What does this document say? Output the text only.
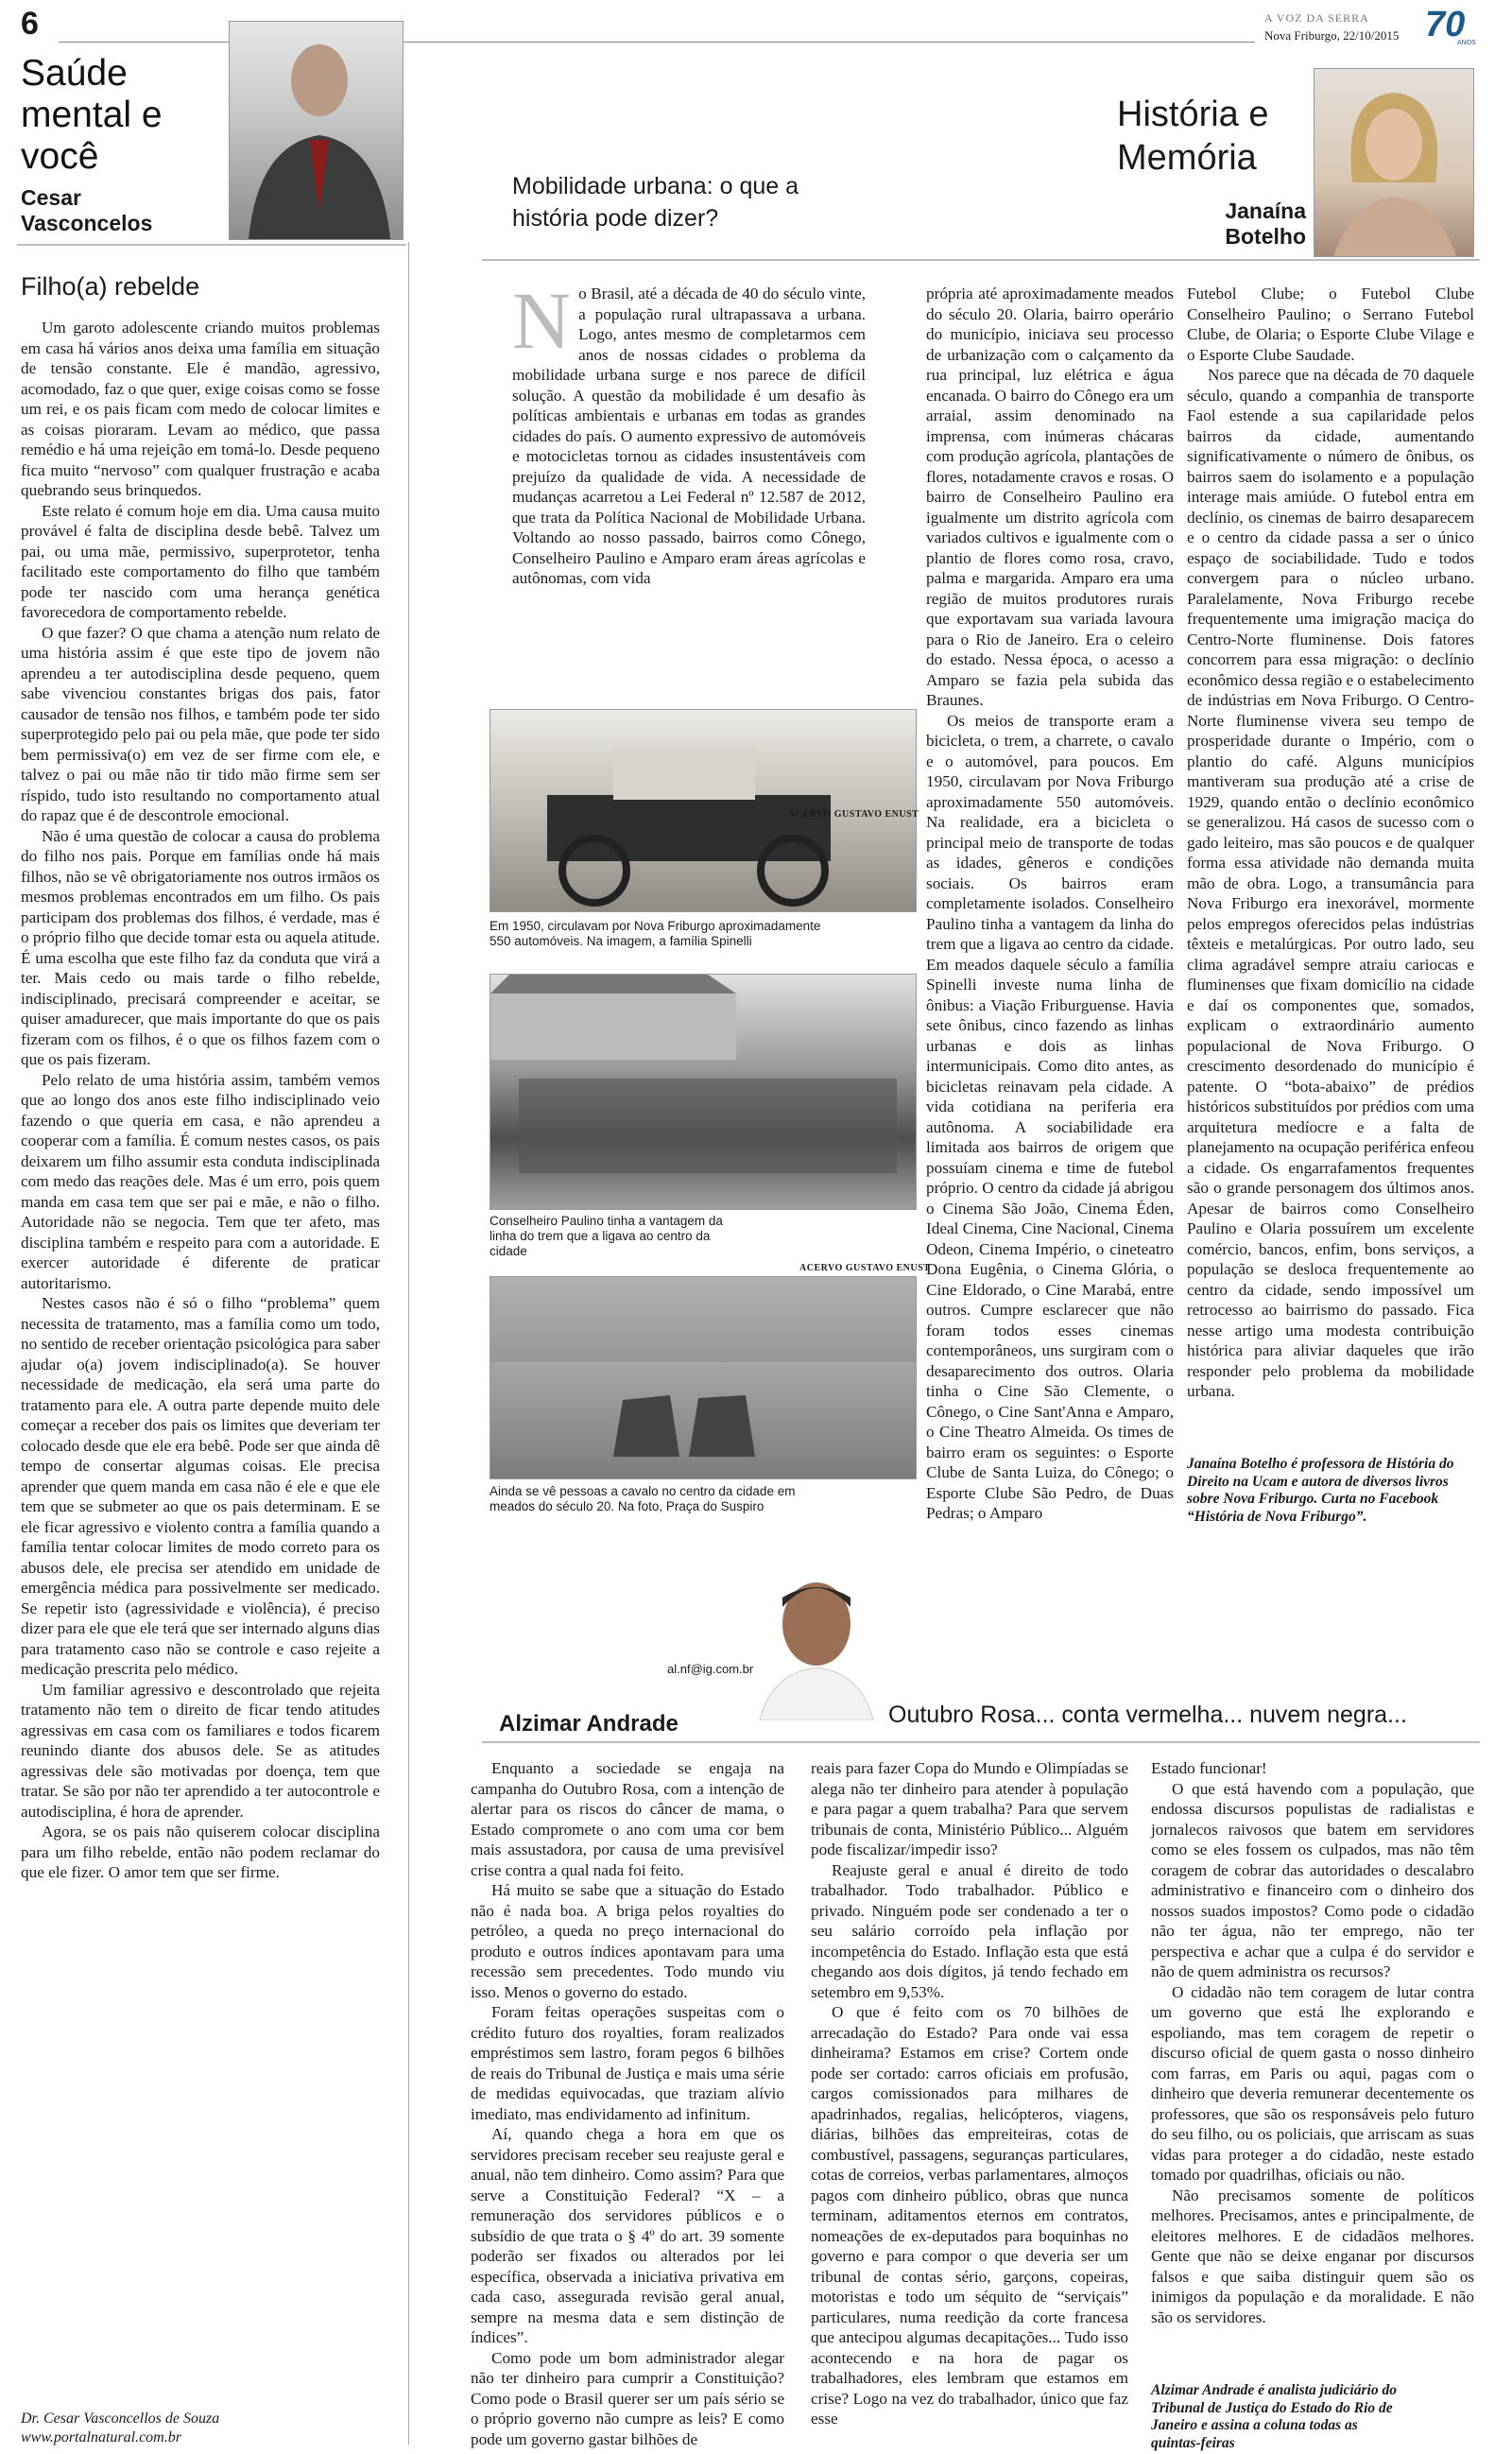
6	A VOZ DA SERRA
Nova Friburgo, 22/10/2015 70
ANOS
Saúde mental e você
Cesar Vasconcelos
Filho(a) rebelde

Um garoto adolescente criando muitos problemas em casa há vários anos deixa uma família em situação de tensão constante. Ele é mandão, agressivo, acomodado, faz o que quer, exige coisas como se fosse um rei, e os pais ficam com medo de colocar limites e as coisas pioraram. Levam ao médico, que passa remédio e há uma rejeição em tomá-lo. Desde pequeno fica muito “nervoso” com qualquer frustração e acaba quebrando seus brinquedos.

Este relato é comum hoje em dia. Uma causa muito provável é falta de disciplina desde bebê. Talvez um pai, ou uma mãe, permissivo, superprotetor, tenha facilitado este comportamento do filho que também pode ter nascido com uma herança genética favorecedora de comportamento rebelde.

O que fazer? O que chama a atenção num relato de uma história assim é que este tipo de jovem não aprendeu a ter autodisciplina desde pequeno, quem sabe vivenciou constantes brigas dos pais, fator causador de tensão nos filhos, e também pode ter sido superprotegido pelo pai ou pela mãe, que pode ter sido bem permissiva(o) em vez de ser firme com ele, e talvez o pai ou mãe não tir tido mão firme sem ser ríspido, tudo isto resultando no comportamento atual do rapaz que é de descontrole emocional.

Não é uma questão de colocar a causa do problema do filho nos pais. Porque em famílias onde há mais filhos, não se vê obrigatoriamente nos outros irmãos os mesmos problemas encontrados em um filho. Os pais participam dos problemas dos filhos, é verdade, mas é o próprio filho que decide tomar esta ou aquela atitude. É uma escolha que este filho faz da conduta que virá a ter. Mais cedo ou mais tarde o filho rebelde, indisciplinado, precisará compreender e aceitar, se quiser amadurecer, que mais importante do que os pais fizeram com os filhos, é o que os filhos fazem com o que os pais fizeram.

Pelo relato de uma história assim, também vemos que ao longo dos anos este filho indisciplinado veio fazendo o que queria em casa, e não aprendeu a cooperar com a família. É comum nestes casos, os pais deixarem um filho assumir esta conduta indisciplinada com medo das reações dele. Mas é um erro, pois quem manda em casa tem que ser pai e mãe, e não o filho. Autoridade não se negocia. Tem que ter afeto, mas disciplina também e respeito para com a autoridade. E exercer autoridade é diferente de praticar autoritarismo.

Nestes casos não é só o filho “problema” quem necessita de tratamento, mas a família como um todo, no sentido de receber orientação psicológica para saber ajudar o(a) jovem indisciplinado(a). Se houver necessidade de medicação, ela será uma parte do tratamento para ele. A outra parte depende muito dele começar a receber dos pais os limites que deveriam ter colocado desde que ele era bebê. Pode ser que ainda dê tempo de consertar algumas coisas. Ele precisa aprender que quem manda em casa não é ele e que ele tem que se submeter ao que os pais determinam. E se ele ficar agressivo e violento contra a família quando a família tentar colocar limites de modo correto para os abusos dele, ele precisa ser atendido em unidade de emergência médica para possivelmente ser medicado. Se repetir isto (agressividade e violência), é preciso dizer para ele que ele terá que ser internado alguns dias para tratamento caso não se controle e caso rejeite a medicação prescrita pelo médico.

Um familiar agressivo e descontrolado que rejeita tratamento não tem o direito de ficar tendo atitudes agressivas em casa com os familiares e todos ficarem reunindo diante dos abusos dele. Se as atitudes agressivas dele são motivadas por doença, tem que tratar. Se são por não ter aprendido a ter autocontrole e autodisciplina, é hora de aprender.

Agora, se os pais não quiserem colocar disciplina para um filho rebelde, então não podem reclamar do que ele fizer. O amor tem que ser firme.

Dr. Cesar Vasconcellos de Souza
www.portalnatural.com.br
História e Memória
Janaína Botelho
Mobilidade urbana: o que a história pode dizer?

No Brasil, até a década de 40 do século vinte, a população rural ultrapassava a urbana. Logo, antes mesmo de completarmos cem anos de nossas cidades o problema da mobilidade urbana surge e nos parece de difícil solução. A questão da mobilidade é um desafio às políticas ambientais e urbanas em todas as grandes cidades do país. O aumento expressivo de automóveis e motocicletas tornou as cidades insustentáveis com prejuízo da qualidade de vida. A necessidade de mudanças acarretou a Lei Federal nº 12.587 de 2012, que trata da Política Nacional de Mobilidade Urbana. Voltando ao nosso passado, bairros como Cônego, Conselheiro Paulino e Amparo eram áreas agrícolas e autônomas, com vida

ACERVO GUSTAVO ENUST
Em 1950, circulavam por Nova Friburgo aproximadamente 550 automóveis. Na imagem, a família Spinelli
Conselheiro Paulino tinha a vantagem da linha do trem que a ligava ao centro da cidade
ACERVO GUSTAVO ENUST
Ainda se vê pessoas a cavalo no centro da cidade em meados do século 20. Na foto, Praça do Suspiro

própria até aproximadamente meados do século 20. Olaria, bairro operário do município, iniciava seu processo de urbanização com o calçamento da rua principal, luz elétrica e água encanada. O bairro do Cônego era um arraial, assim denominado na imprensa, com inúmeras chácaras com produção agrícola, plantações de flores, notadamente cravos e rosas. O bairro de Conselheiro Paulino era igualmente um distrito agrícola com variados cultivos e igualmente com o plantio de flores como rosa, cravo, palma e margarida. Amparo era uma região de muitos produtores rurais que exportavam sua variada lavoura para o Rio de Janeiro. Era o celeiro do estado. Nessa época, o acesso a Amparo se fazia pela subida das Braunes.

Os meios de transporte eram a bicicleta, o trem, a charrete, o cavalo e o automóvel, para poucos. Em 1950, circulavam por Nova Friburgo aproximadamente 550 automóveis. Na realidade, era a bicicleta o principal meio de transporte de todas as idades, gêneros e condições sociais. Os bairros eram completamente isolados. Conselheiro Paulino tinha a vantagem da linha do trem que a ligava ao centro da cidade. Em meados daquele século a família Spinelli investe numa linha de ônibus: a Viação Friburguense. Havia sete ônibus, cinco fazendo as linhas urbanas e dois as linhas intermunicipais. Como dito antes, as bicicletas reinavam pela cidade. A vida cotidiana na periferia era autônoma. A sociabilidade era limitada aos bairros de origem que possuíam cinema e time de futebol próprio. O centro da cidade já abrigou o Cinema São João, Cinema Éden, Ideal Cinema, Cine Nacional, Cinema Odeon, Cinema Império, o cineteatro Dona Eugênia, o Cinema Glória, o Cine Eldorado, o Cine Marabá, entre outros. Cumpre esclarecer que não foram todos esses cinemas contemporâneos, uns surgiram com o desaparecimento dos outros. Olaria tinha o Cine São Clemente, o Cônego, o Cine Sant'Anna e Amparo, o Cine Theatro Almeida. Os times de bairro eram os seguintes: o Esporte Clube de Santa Luiza, do Cônego; o Esporte Clube São Pedro, de Duas Pedras; o Amparo

Futebol Clube; o Futebol Clube Conselheiro Paulino; o Serrano Futebol Clube, de Olaria; o Esporte Clube Vilage e o Esporte Clube Saudade.

Nos parece que na década de 70 daquele século, quando a companhia de transporte Faol estende a sua capilaridade pelos bairros da cidade, aumentando significativamente o número de ônibus, os bairros saem do isolamento e a população interage mais amiúde. O futebol entra em declínio, os cinemas de bairro desaparecem e o centro da cidade passa a ser o único espaço de sociabilidade. Tudo e todos convergem para o núcleo urbano. Paralelamente, Nova Friburgo recebe frequentemente uma imigração maciça do Centro-Norte fluminense. Dois fatores concorrem para essa migração: o declínio econômico dessa região e o estabelecimento de indústrias em Nova Friburgo. O Centro-Norte fluminense vivera seu tempo de prosperidade durante o Império, com o plantio do café. Alguns municípios mantiveram sua produção até a crise de 1929, quando então o declínio econômico se generalizou. Há casos de sucesso com o gado leiteiro, mas são poucos e de qualquer forma essa atividade não demanda muita mão de obra. Logo, a transumância para Nova Friburgo era inexorável, mormente pelos empregos oferecidos pelas indústrias têxteis e metalúrgicas. Por outro lado, seu clima agradável sempre atraiu cariocas e fluminenses que fixam domicílio na cidade e daí os componentes que, somados, explicam o extraordinário aumento populacional de Nova Friburgo. O crescimento desordenado do município é patente. O “bota-abaixo” de prédios históricos substituídos por prédios com uma arquitetura medíocre e a falta de planejamento na ocupação periférica enfeou a cidade. Os engarrafamentos frequentes são o grande personagem dos últimos anos. Apesar de bairros como Conselheiro Paulino e Olaria possuírem um excelente comércio, bancos, enfim, bons serviços, a população se desloca frequentemente ao centro da cidade, sendo impossível um retrocesso ao bairrismo do passado. Fica nesse artigo uma modesta contribuição histórica para aliviar daqueles que irão responder pelo problema da mobilidade urbana.

Janaína Botelho é professora de História do Direito na Ucam e autora de diversos livros sobre Nova Friburgo. Curta no Facebook “História de Nova Friburgo”.
al.nf@ig.com.br
Alzimar Andrade	Outubro Rosa... conta vermelha... nuvem negra...

Enquanto a sociedade se engaja na campanha do Outubro Rosa, com a intenção de alertar para os riscos do câncer de mama, o Estado compromete o ano com uma cor bem mais assustadora, por causa de uma previsível crise contra a qual nada foi feito.

Há muito se sabe que a situação do Estado não é nada boa. A briga pelos royalties do petróleo, a queda no preço internacional do produto e outros índices apontavam para uma recessão sem precedentes. Todo mundo viu isso. Menos o governo do estado.

Foram feitas operações suspeitas com o crédito futuro dos royalties, foram realizados empréstimos sem lastro, foram pegos 6 bilhões de reais do Tribunal de Justiça e mais uma série de medidas equivocadas, que traziam alívio imediato, mas endividamento ad infinitum.

Aí, quando chega a hora em que os servidores precisam receber seu reajuste geral e anual, não tem dinheiro. Como assim? Para que serve a Constituição Federal? “X – a remuneração dos servidores públicos e o subsídio de que trata o § 4º do art. 39 somente poderão ser fixados ou alterados por lei específica, observada a iniciativa privativa em cada caso, assegurada revisão geral anual, sempre na mesma data e sem distinção de índices”.

Como pode um bom administrador alegar não ter dinheiro para cumprir a Constituição? Como pode o Brasil querer ser um país sério se o próprio governo não cumpre as leis? E como pode um governo gastar bilhões de

reais para fazer Copa do Mundo e Olimpíadas se alega não ter dinheiro para atender à população e para pagar a quem trabalha? Para que servem tribunais de conta, Ministério Público... Alguém pode fiscalizar/impedir isso?

Reajuste geral e anual é direito de todo trabalhador. Todo trabalhador. Público e privado. Ninguém pode ser condenado a ter o seu salário corroído pela inflação por incompetência do Estado. Inflação esta que está chegando aos dois dígitos, já tendo fechado em setembro em 9,53%.

O que é feito com os 70 bilhões de arrecadação do Estado? Para onde vai essa dinheirama? Estamos em crise? Cortem onde pode ser cortado: carros oficiais em profusão, cargos comissionados para milhares de apadrinhados, regalias, helicópteros, viagens, diárias, bilhões das empreiteiras, cotas de combustível, passagens, seguranças particulares, cotas de correios, verbas parlamentares, almoços pagos com dinheiro público, obras que nunca terminam, aditamentos eternos em contratos, nomeações de ex-deputados para boquinhas no governo e para compor o que deveria ser um tribunal de contas sério, garçons, copeiras, motoristas e todo um séquito de “serviçais” particulares, numa reedição da corte francesa que antecipou algumas decapitações... Tudo isso acontecendo e na hora de pagar os trabalhadores, eles lembram que estamos em crise? Logo na vez do trabalhador, único que faz esse

Estado funcionar!

O que está havendo com a população, que endossa discursos populistas de radialistas e jornalecos raivosos que batem em servidores como se eles fossem os culpados, mas não têm coragem de cobrar das autoridades o descalabro administrativo e financeiro com o dinheiro dos nossos suados impostos? Como pode o cidadão não ter água, não ter emprego, não ter perspectiva e achar que a culpa é do servidor e não de quem administra os recursos?

O cidadão não tem coragem de lutar contra um governo que está lhe explorando e espoliando, mas tem coragem de repetir o discurso oficial de quem gasta o nosso dinheiro com farras, em Paris ou aqui, pagas com o dinheiro que deveria remunerar decentemente os professores, que são os responsáveis pelo futuro do seu filho, ou os policiais, que arriscam as suas vidas para proteger a do cidadão, neste estado tomado por quadrilhas, oficiais ou não.

Não precisamos somente de políticos melhores. Precisamos, antes e principalmente, de eleitores melhores. E de cidadãos melhores. Gente que não se deixe enganar por discursos falsos e que saiba distinguir quem são os inimigos da população e da moralidade. E não são os servidores.

Alzimar Andrade é analista judiciário do Tribunal de Justiça do Estado do Rio de Janeiro e assina a coluna todas as quintas-feiras
